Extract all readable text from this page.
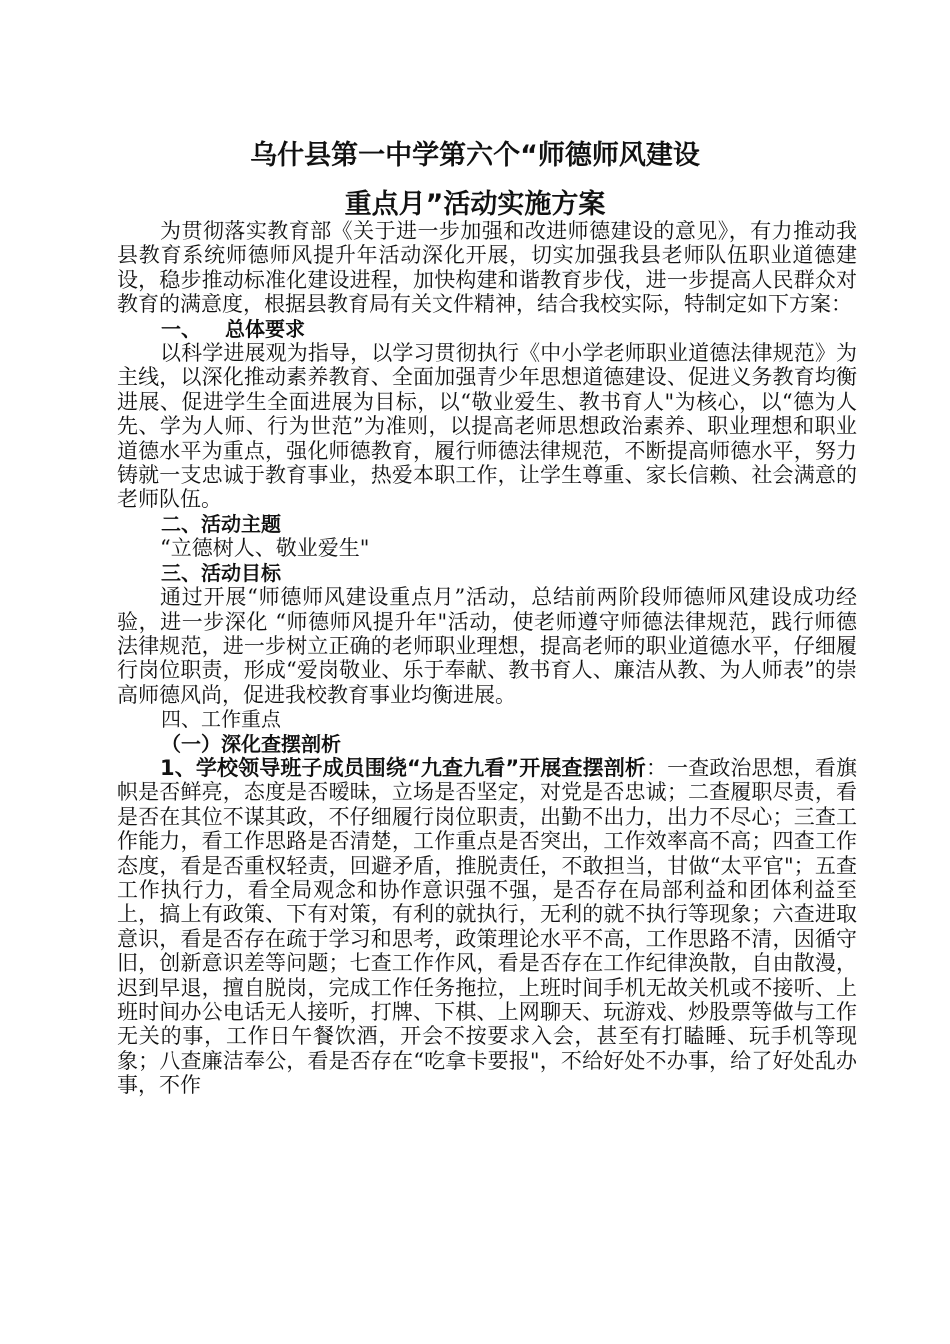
乌什县第一中学第六个“师德师风建设
重点月”活动实施方案

为贯彻落实教育部《关于进一步加强和改进师德建设的意见》，有力推动我县教育系统师德师风提升年活动深化开展，切实加强我县老师队伍职业道德建设，稳步推动标准化建设进程，加快构建和谐教育步伐，进一步提高人民群众对教育的满意度，根据县教育局有关文件精神，结合我校实际，特制定如下方案：

一、 总体要求

以科学进展观为指导，以学习贯彻执行《中小学老师职业道德法律规范》为主线，以深化推动素养教育、全面加强青少年思想道德建设、促进义务教育均衡进展、促进学生全面进展为目标，以“敬业爱生、教书育人"为核心，以“德为人先、学为人师、行为世范”为准则，以提高老师思想政治素养、职业理想和职业道德水平为重点，强化师德教育，履行师德法律规范，不断提高师德水平，努力铸就一支忠诚于教育事业，热爱本职工作，让学生尊重、家长信赖、社会满意的老师队伍。

二、活动主题

“立德树人、敬业爱生"

三、活动目标

通过开展“师德师风建设重点月”活动，总结前两阶段师德师风建设成功经验，进一步深化 “师德师风提升年"活动，使老师遵守师德法律规范，践行师德法律规范，进一步树立正确的老师职业理想，提高老师的职业道德水平，仔细履行岗位职责，形成“爱岗敬业、乐于奉献、教书育人、廉洁从教、为人师表”的崇高师德风尚，促进我校教育事业均衡进展。

四、工作重点
（一）深化查摆剖析

1、学校领导班子成员围绕“九查九看”开展查摆剖析：一查政治思想，看旗帜是否鲜亮，态度是否暧昧，立场是否坚定，对党是否忠诚；二查履职尽责，看是否在其位不谋其政，不仔细履行岗位职责，出勤不出力，出力不尽心；三查工作能力，看工作思路是否清楚，工作重点是否突出，工作效率高不高；四查工作态度，看是否重权轻责，回避矛盾，推脱责任，不敢担当，甘做“太平官"；五查工作执行力，看全局观念和协作意识强不强，是否存在局部利益和团体利益至上，搞上有政策、下有对策，有利的就执行，无利的就不执行等现象；六查进取意识，看是否存在疏于学习和思考，政策理论水平不高，工作思路不清，因循守旧，创新意识差等问题；七查工作作风，看是否存在工作纪律涣散，自由散漫，迟到早退，擅自脱岗，完成工作任务拖拉，上班时间手机无故关机或不接听、上班时间办公电话无人接听，打牌、下棋、上网聊天、玩游戏、炒股票等做与工作无关的事，工作日午餐饮酒，开会不按要求入会，甚至有打瞌睡、玩手机等现象；八查廉洁奉公，看是否存在“吃拿卡要报"，不给好处不办事，给了好处乱办事，不作
